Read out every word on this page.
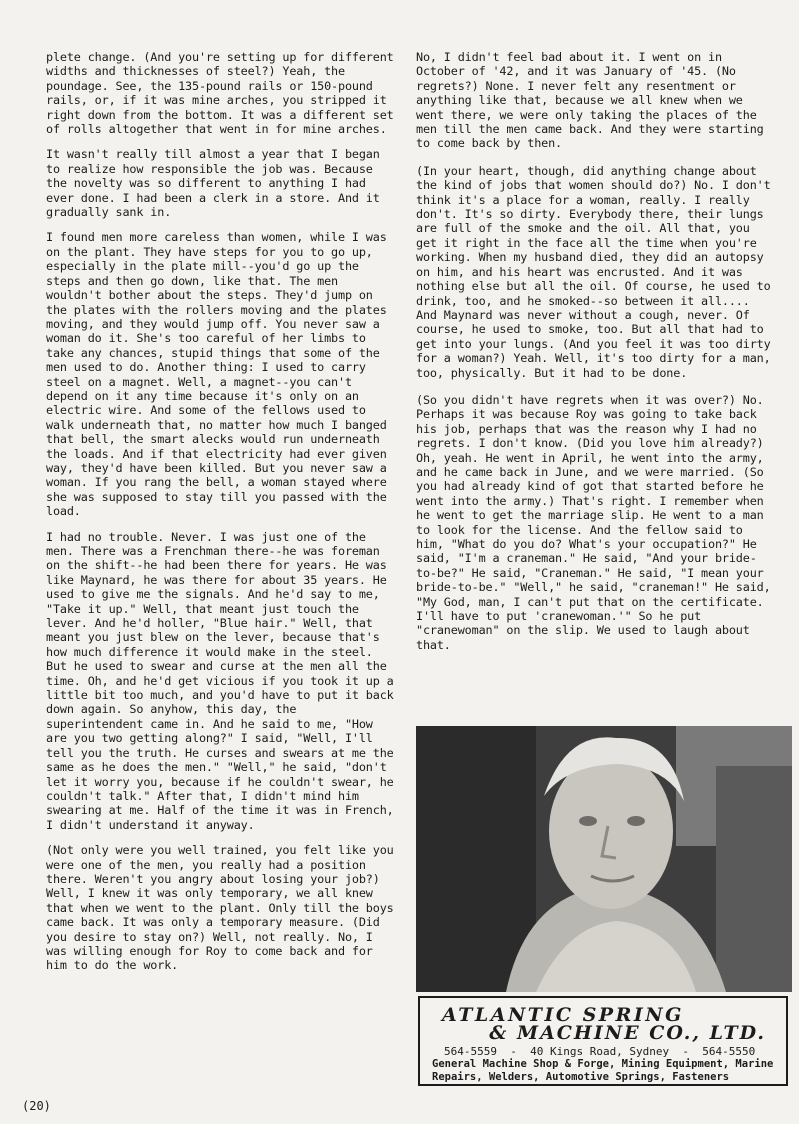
plete change. (And you're setting up for different widths and thicknesses of steel?) Yeah, the poundage. See, the 135-pound rails or 150-pound rails, or, if it was mine arches, you stripped it right down from the bottom. It was a different set of rolls altogether that went in for mine arches.

It wasn't really till almost a year that I began to realize how responsible the job was. Because the novelty was so different to anything I had ever done. I had been a clerk in a store. And it gradually sank in.

I found men more careless than women, while I was on the plant. They have steps for you to go up, especially in the plate mill--you'd go up the steps and then go down, like that. The men wouldn't bother about the steps. They'd jump on the plates with the rollers moving and the plates moving, and they would jump off. You never saw a woman do it. She's too careful of her limbs to take any chances, stupid things that some of the men used to do. Another thing: I used to carry steel on a magnet. Well, a magnet--you can't depend on it any time because it's only on an electric wire. And some of the fellows used to walk underneath that, no matter how much I banged that bell, the smart alecks would run underneath the loads. And if that electricity had ever given way, they'd have been killed. But you never saw a woman. If you rang the bell, a woman stayed where she was supposed to stay till you passed with the load.

I had no trouble. Never. I was just one of the men. There was a Frenchman there--he was foreman on the shift--he had been there for years. He was like Maynard, he was there for about 35 years. He used to give me the signals. And he'd say to me, "Take it up." Well, that meant just touch the lever. And he'd holler, "Blue hair." Well, that meant you just blew on the lever, because that's how much difference it would make in the steel. But he used to swear and curse at the men all the time. Oh, and he'd get vicious if you took it up a little bit too much, and you'd have to put it back down again. So anyhow, this day, the superintendent came in. And he said to me, "How are you two getting along?" I said, "Well, I'll tell you the truth. He curses and swears at me the same as he does the men." "Well," he said, "don't let it worry you, because if he couldn't swear, he couldn't talk." After that, I didn't mind him swearing at me. Half of the time it was in French, I didn't understand it anyway.

(Not only were you well trained, you felt like you were one of the men, you really had a position there. Weren't you angry about losing your job?) Well, I knew it was only temporary, we all knew that when we went to the plant. Only till the boys came back. It was only a temporary measure. (Did you desire to stay on?) Well, not really. No, I was willing enough for Roy to come back and for him to do the work.

No, I didn't feel bad about it. I went on in October of '42, and it was January of '45. (No regrets?) None. I never felt any resentment or anything like that, because we all knew when we went there, we were only taking the places of the men till the men came back. And they were starting to come back by then.

(In your heart, though, did anything change about the kind of jobs that women should do?) No. I don't think it's a place for a woman, really. I really don't. It's so dirty. Everybody there, their lungs are full of the smoke and the oil. All that, you get it right in the face all the time when you're working. When my husband died, they did an autopsy on him, and his heart was encrusted. And it was nothing else but all the oil. Of course, he used to drink, too, and he smoked--so between it all.... And Maynard was never without a cough, never. Of course, he used to smoke, too. But all that had to get into your lungs. (And you feel it was too dirty for a woman?) Yeah. Well, it's too dirty for a man, too, physically. But it had to be done.

(So you didn't have regrets when it was over?) No. Perhaps it was because Roy was going to take back his job, perhaps that was the reason why I had no regrets. I don't know. (Did you love him already?) Oh, yeah. He went in April, he went into the army, and he came back in June, and we were married. (So you had already kind of got that started before he went into the army.) That's right. I remember when he went to get the marriage slip. He went to a man to look for the license. And the fellow said to him, "What do you do? What's your occupation?" He said, "I'm a craneman." He said, "And your bride-to-be?" He said, "Craneman." He said, "I mean your bride-to-be." "Well," he said, "craneman!" He said, "My God, man, I can't put that on the certificate. I'll have to put 'cranewoman.'" So he put "cranewoman" on the slip. We used to laugh about that.

ATLANTIC SPRING
& MACHINE CO., LTD.
564-5559  -  40 Kings Road, Sydney  -  564-5550
General Machine Shop & Forge, Mining Equipment, Marine Repairs, Welders, Automotive Springs, Fasteners
(20)
